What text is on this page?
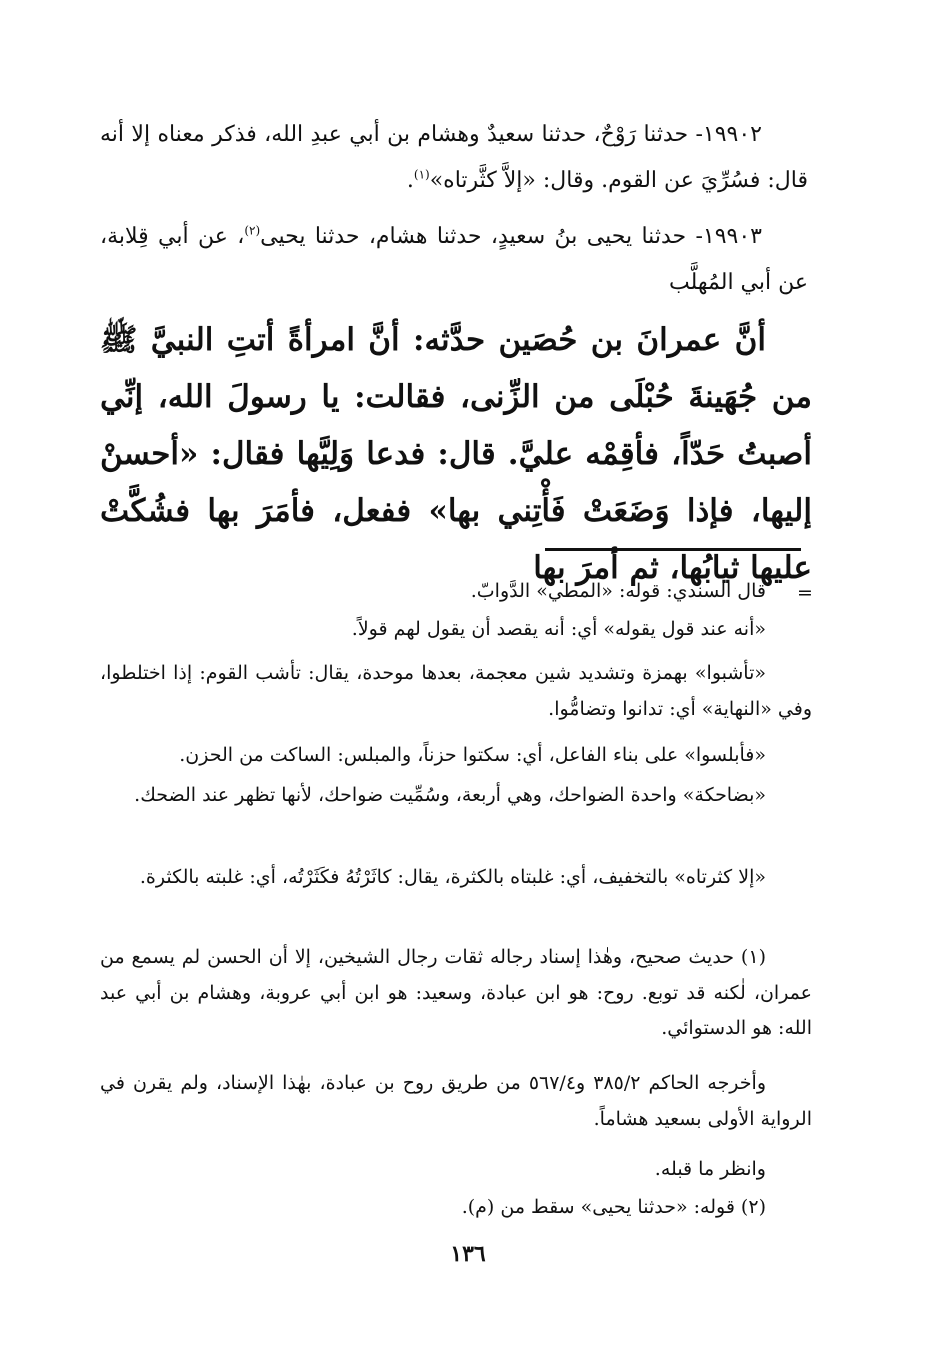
١٩٩٠٢- حدثنا رَوْحٌ، حدثنا سعيدٌ وهشام بن أبي عبدِ الله، فذكر معناه إلا أنه قال: فسُرِّيَ عن القوم. وقال: «إلاَّ كثَّرتاه»$^{(١)}$.

١٩٩٠٣- حدثنا يحيى بنُ سعيدٍ، حدثنا هشام، حدثنا يحيى$^{(٢)}$، عن أبي قِلابة، عن أبي المُهلَّب

أنَّ عمرانَ بن حُصَين حدَّثه: أنَّ امرأةً أتتِ النبيَّ ﷺ من جُهَينةَ حُبْلَى من الزِّنى، فقالت: يا رسولَ الله، إنِّي أصبتُ حَدّاً، فأقِمْه عليَّ. قال: فدعا وَلِيَّها فقال: «أحسنْ إليها، فإذا وَضَعَتْ فَأْتِني بها» ففعل، فأمَرَ بها فشُكَّتْ عليها ثيابُها، ثم أمرَ بها

=

قال السندي: قوله: «المطي» الدَّوابّ.

«أنه عند قول يقوله» أي: أنه يقصد أن يقول لهم قولاً.

«تأشبوا» بهمزة وتشديد شين معجمة، بعدها موحدة، يقال: تأشب القوم: إذا اختلطوا، وفي «النهاية» أي: تدانوا وتضامُّوا.

«فأبلسوا» على بناء الفاعل، أي: سكتوا حزناً، والمبلس: الساكت من الحزن.

«بضاحكة» واحدة الضواحك، وهي أربعة، وسُمِّيت ضواحك، لأنها تظهر عند الضحك.

«إلا كثرتاه» بالتخفيف، أي: غلبتاه بالكثرة، يقال: كاثَرْتُهُ فكَثَرْتُه، أي: غلبته بالكثرة.

(١) حديث صحيح، وهٰذا إسناد رجاله ثقات رجال الشيخين، إلا أن الحسن لم يسمع من عمران، لٰكنه قد توبع. روح: هو ابن عبادة، وسعيد: هو ابن أبي عروبة، وهشام بن أبي عبد الله: هو الدستوائي.

وأخرجه الحاكم ٣٨٥/٢ و٥٦٧/٤ من طريق روح بن عبادة، بهٰذا الإسناد، ولم يقرن في الرواية الأولى بسعيد هشاماً.

وانظر ما قبله.

(٢) قوله: «حدثنا يحيى» سقط من (م).

١٣٦
